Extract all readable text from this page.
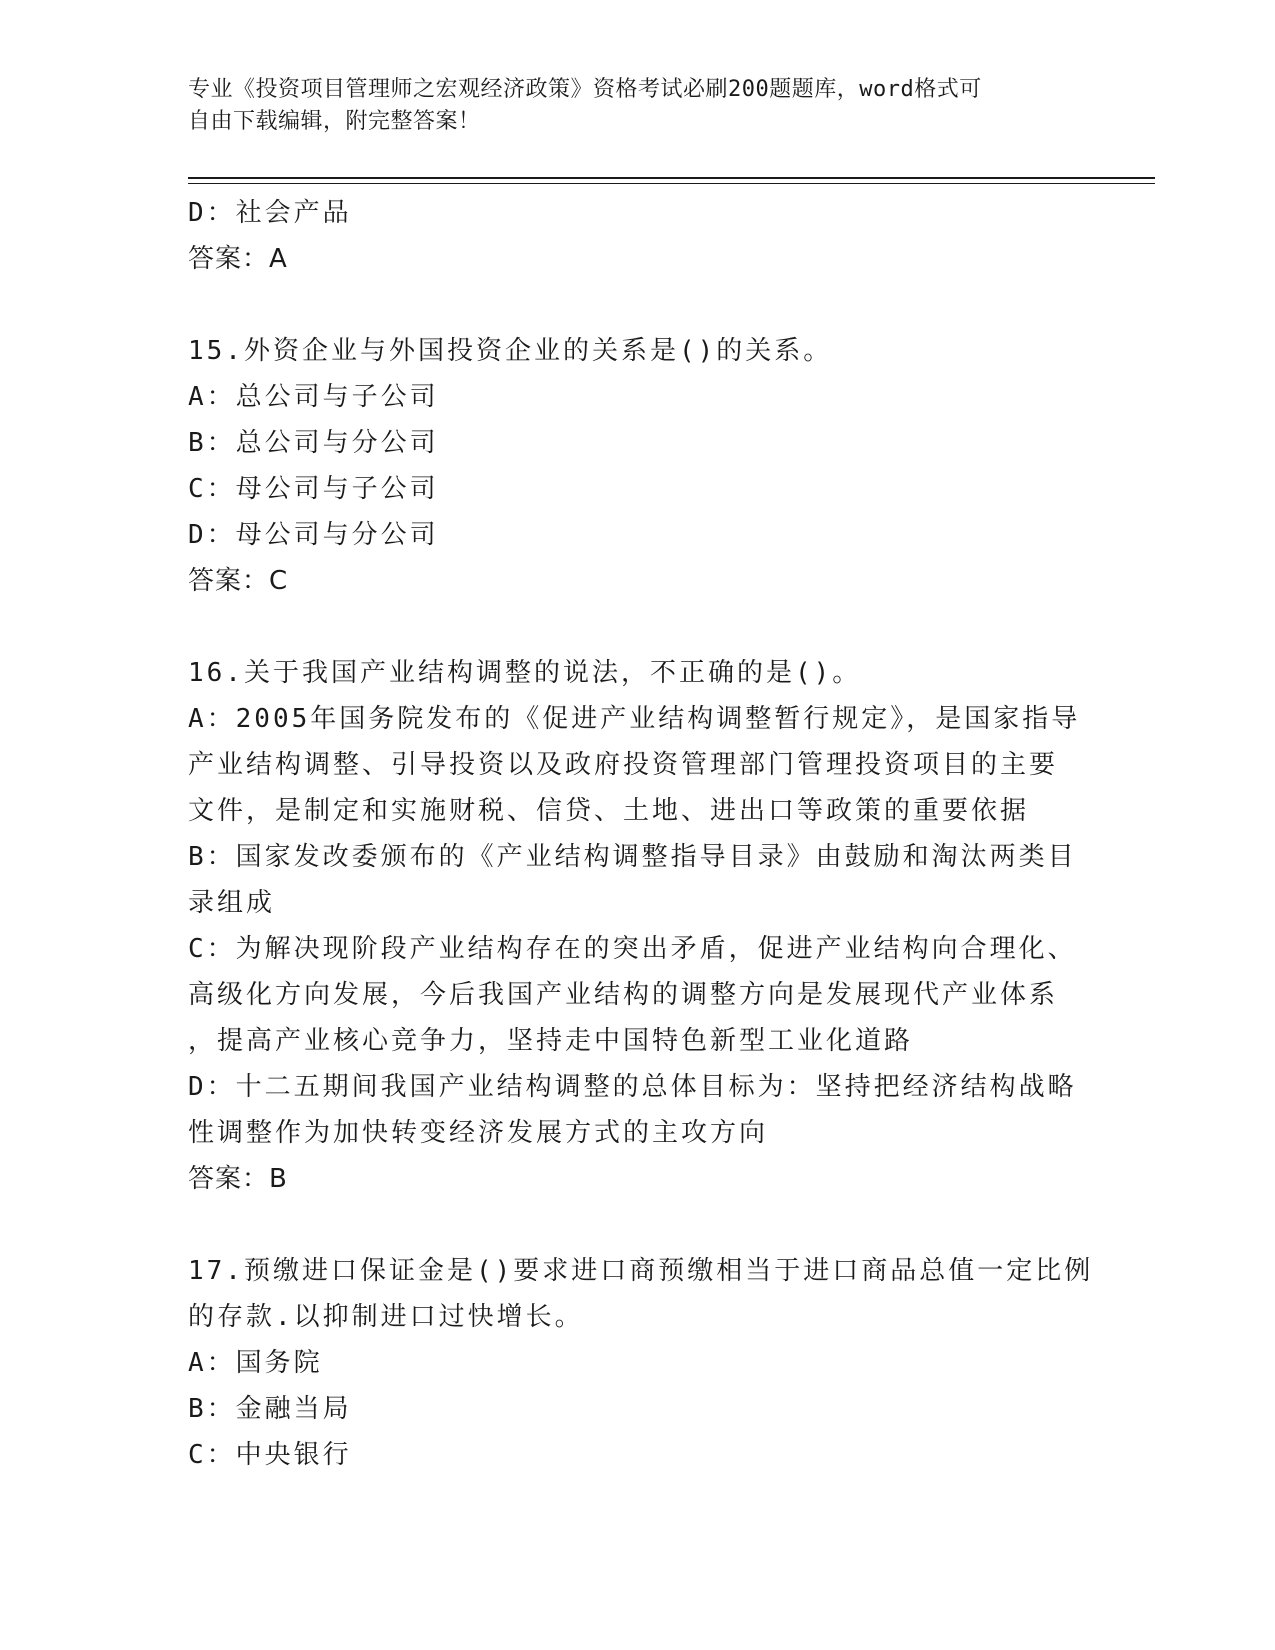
专业《投资项目管理师之宏观经济政策》资格考试必刷200题题库，word格式可
自由下载编辑，附完整答案！
D：社会产品
答案：A
15.外资企业与外国投资企业的关系是()的关系。
A：总公司与子公司
B：总公司与分公司
C：母公司与子公司
D：母公司与分公司
答案：C
16.关于我国产业结构调整的说法，不正确的是()。
A：2005年国务院发布的《促进产业结构调整暂行规定》，是国家指导
产业结构调整、引导投资以及政府投资管理部门管理投资项目的主要
文件，是制定和实施财税、信贷、土地、进出口等政策的重要依据
B：国家发改委颁布的《产业结构调整指导目录》由鼓励和淘汰两类目
录组成
C：为解决现阶段产业结构存在的突出矛盾，促进产业结构向合理化、
高级化方向发展，今后我国产业结构的调整方向是发展现代产业体系
，提高产业核心竞争力，坚持走中国特色新型工业化道路
D：十二五期间我国产业结构调整的总体目标为：坚持把经济结构战略
性调整作为加快转变经济发展方式的主攻方向
答案：B
17.预缴进口保证金是()要求进口商预缴相当于进口商品总值一定比例
的存款.以抑制进口过快增长。
A：国务院
B：金融当局
C：中央银行
